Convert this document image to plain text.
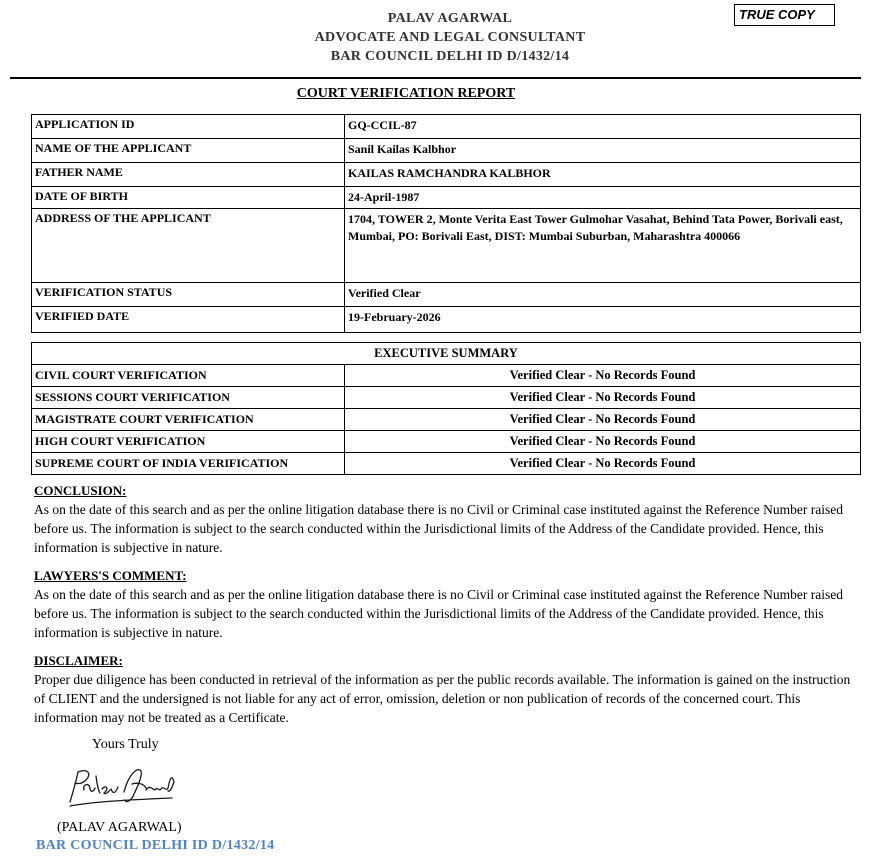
PALAV AGARWAL
ADVOCATE AND LEGAL CONSULTANT
BAR COUNCIL DELHI ID D/1432/14
TRUE COPY
COURT VERIFICATION REPORT
APPLICATION ID	GQ-CCIL-87
NAME OF THE APPLICANT	Sanil Kailas Kalbhor
FATHER NAME	KAILAS RAMCHANDRA KALBHOR
DATE OF BIRTH	24-April-1987
ADDRESS OF THE APPLICANT	1704, TOWER 2, Monte Verita East Tower Gulmohar Vasahat, Behind Tata Power, Borivali east, Mumbai, PO: Borivali East, DIST: Mumbai Suburban, Maharashtra 400066
VERIFICATION STATUS	Verified Clear
VERIFIED DATE	19-February-2026
EXECUTIVE SUMMARY	
CIVIL COURT VERIFICATION	Verified Clear - No Records Found
SESSIONS COURT VERIFICATION	Verified Clear - No Records Found
MAGISTRATE COURT VERIFICATION	Verified Clear - No Records Found
HIGH COURT VERIFICATION	Verified Clear - No Records Found
SUPREME COURT OF INDIA VERIFICATION	Verified Clear - No Records Found
CONCLUSION:
As on the date of this search and as per the online litigation database there is no Civil or Criminal case instituted against the Reference Number raised before us. The information is subject to the search conducted within the Jurisdictional limits of the Address of the Candidate provided. Hence, this information is subjective in nature.
LAWYERS'S COMMENT:
As on the date of this search and as per the online litigation database there is no Civil or Criminal case instituted against the Reference Number raised before us. The information is subject to the search conducted within the Jurisdictional limits of the Address of the Candidate provided. Hence, this information is subjective in nature.
DISCLAIMER:
Proper due diligence has been conducted in retrieval of the information as per the public records available. The information is gained on the instruction of CLIENT and the undersigned is not liable for any act of error, omission, deletion or non publication of records of the concerned court. This information may not be treated as a Certificate.
Yours Truly
(PALAV AGARWAL)
BAR COUNCIL DELHI ID D/1432/14
